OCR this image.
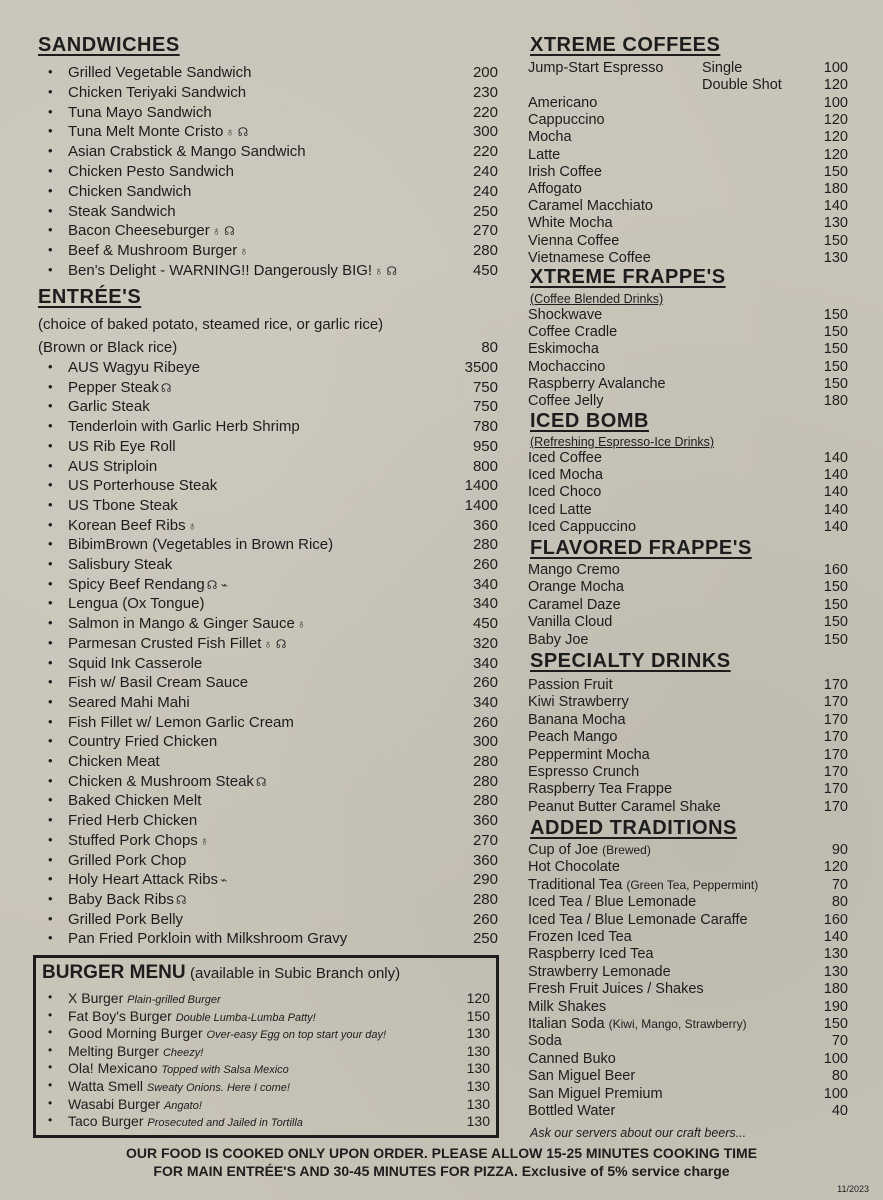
SANDWICHES
• Grilled Vegetable Sandwich	200
• Chicken Teriyaki Sandwich	230
• Tuna Mayo Sandwich	220
• Tuna Melt Monte Cristo ♁ ☊	300
• Asian Crabstick & Mango Sandwich	220
• Chicken Pesto Sandwich	240
• Chicken Sandwich	240
• Steak Sandwich	250
• Bacon Cheeseburger ♁ ☊	270
• Beef & Mushroom Burger ♁	280
• Ben's Delight - WARNING!! Dangerously BIG! ♁ ☊	450
ENTRÉE'S
(choice of baked potato, steamed rice, or garlic rice)
(Brown or Black rice)	80
• AUS Wagyu Ribeye	3500
• Pepper Steak ☊	750
• Garlic Steak	750
• Tenderloin with Garlic Herb Shrimp	780
• US Rib Eye Roll	950
• AUS Striploin	800
• US Porterhouse Steak	1400
• US Tbone Steak	1400
• Korean Beef Ribs ♁	360
• BibimBrown (Vegetables in Brown Rice)	280
• Salisbury Steak	260
• Spicy Beef Rendang ☊ ⌁	340
• Lengua (Ox Tongue)	340
• Salmon in Mango & Ginger Sauce ♁	450
• Parmesan Crusted Fish Fillet ♁ ☊	320
• Squid Ink Casserole	340
• Fish w/ Basil Cream Sauce	260
• Seared Mahi Mahi	340
• Fish Fillet w/ Lemon Garlic Cream	260
• Country Fried Chicken	300
• Chicken Meat	280
• Chicken & Mushroom Steak ☊	280
• Baked Chicken Melt	280
• Fried Herb Chicken	360
• Stuffed Pork Chops ♁	270
• Grilled Pork Chop	360
• Holy Heart Attack Ribs ⌁	290
• Baby Back Ribs ☊	280
• Grilled Pork Belly	260
• Pan Fried Porkloin with Milkshroom Gravy	250
BURGER MENU (available in Subic Branch only)
• X Burger Plain-grilled Burger	120
• Fat Boy's Burger Double Lumba-Lumba Patty!	150
• Good Morning Burger Over-easy Egg on top start your day!	130
• Melting Burger Cheezy!	130
• Ola! Mexicano Topped with Salsa Mexico	130
• Watta Smell Sweaty Onions. Here I come!	130
• Wasabi Burger Angato!	130
• Taco Burger Prosecuted and Jailed in Tortilla	130
XTREME COFFEES
Jump-Start Espresso	Single	100
Double Shot	120
Americano	100
Cappuccino	120
Mocha	120
Latte	120
Irish Coffee	150
Affogato	180
Caramel Macchiato	140
White Mocha	130
Vienna Coffee	150
Vietnamese Coffee	130
XTREME FRAPPE'S
(Coffee Blended Drinks)
Shockwave	150
Coffee Cradle	150
Eskimocha	150
Mochaccino	150
Raspberry Avalanche	150
Coffee Jelly	180
ICED BOMB
(Refreshing Espresso-Ice Drinks)
Iced Coffee	140
Iced Mocha	140
Iced Choco	140
Iced Latte	140
Iced Cappuccino	140
FLAVORED FRAPPE'S
Mango Cremo	160
Orange Mocha	150
Caramel Daze	150
Vanilla Cloud	150
Baby Joe	150
SPECIALTY DRINKS
Passion Fruit	170
Kiwi Strawberry	170
Banana Mocha	170
Peach Mango	170
Peppermint Mocha	170
Espresso Crunch	170
Raspberry Tea Frappe	170
Peanut Butter Caramel Shake	170
ADDED TRADITIONS
Cup of Joe (Brewed)	90
Hot Chocolate	120
Traditional Tea (Green Tea, Peppermint)	70
Iced Tea / Blue Lemonade	80
Iced Tea / Blue Lemonade Caraffe	160
Frozen Iced Tea	140
Raspberry Iced Tea	130
Strawberry Lemonade	130
Fresh Fruit Juices / Shakes	180
Milk Shakes	190
Italian Soda (Kiwi, Mango, Strawberry)	150
Soda	70
Canned Buko	100
San Miguel Beer	80
San Miguel Premium	100
Bottled Water	40
Ask our servers about our craft beers...
OUR FOOD IS COOKED ONLY UPON ORDER. PLEASE ALLOW 15-25 MINUTES COOKING TIME
FOR MAIN ENTRÉE'S AND 30-45 MINUTES FOR PIZZA. Exclusive of 5% service charge
11/2023
